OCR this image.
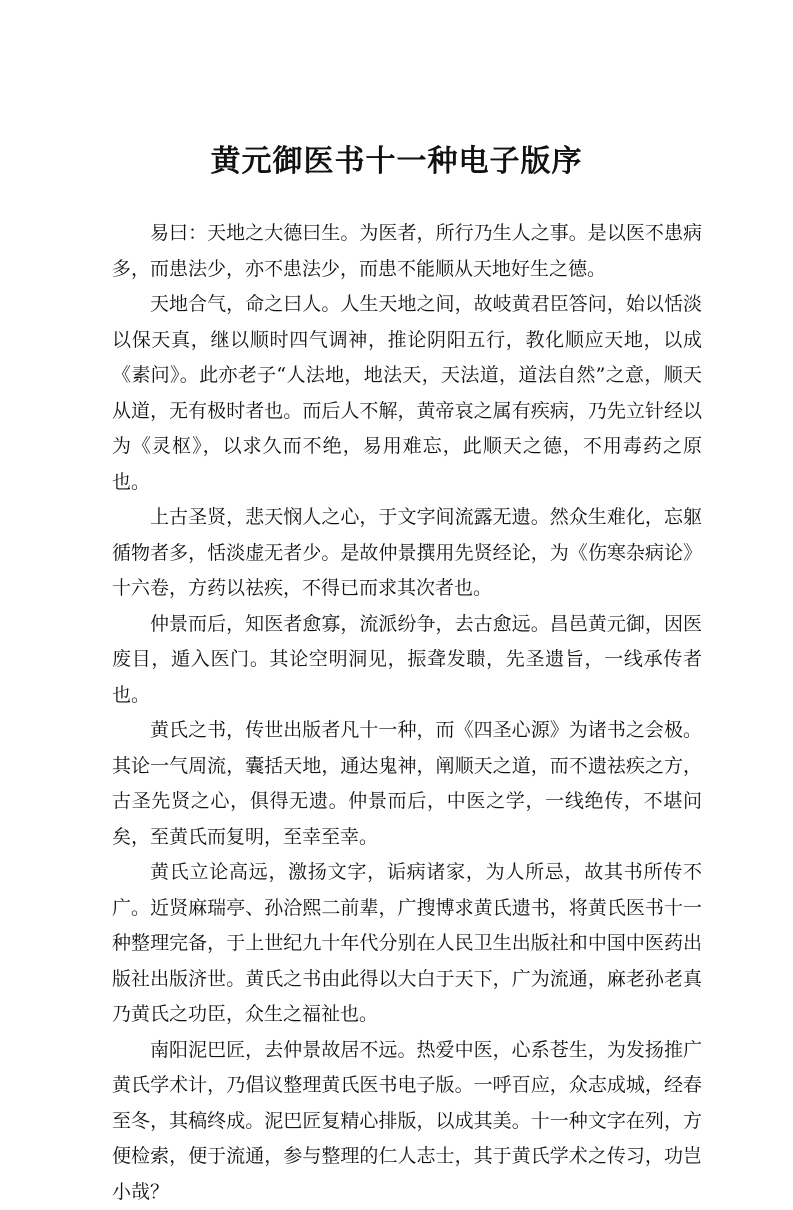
黄元御医书十一种电子版序

易曰：天地之大德曰生。为医者，所行乃生人之事。是以医不患病多，而患法少，亦不患法少，而患不能顺从天地好生之德。

天地合气，命之曰人。人生天地之间，故岐黄君臣答问，始以恬淡以保天真，继以顺时四气调神，推论阴阳五行，教化顺应天地，以成《素问》。此亦老子“人法地，地法天，天法道，道法自然”之意，顺天从道，无有极时者也。而后人不解，黄帝哀之属有疾病，乃先立针经以为《灵枢》，以求久而不绝，易用难忘，此顺天之德，不用毒药之原也。

上古圣贤，悲天悯人之心，于文字间流露无遗。然众生难化，忘躯循物者多，恬淡虚无者少。是故仲景撰用先贤经论，为《伤寒杂病论》十六卷，方药以祛疾，不得已而求其次者也。

仲景而后，知医者愈寡，流派纷争，去古愈远。昌邑黄元御，因医废目，遁入医门。其论空明洞见，振聋发聩，先圣遗旨，一线承传者也。

黄氏之书，传世出版者凡十一种，而《四圣心源》为诸书之会极。其论一气周流，囊括天地，通达鬼神，阐顺天之道，而不遗祛疾之方，古圣先贤之心，俱得无遗。仲景而后，中医之学，一线绝传，不堪问矣，至黄氏而复明，至幸至幸。

黄氏立论高远，激扬文字，诟病诸家，为人所忌，故其书所传不广。近贤麻瑞亭、孙洽熙二前辈，广搜博求黄氏遗书，将黄氏医书十一种整理完备，于上世纪九十年代分别在人民卫生出版社和中国中医药出版社出版济世。黄氏之书由此得以大白于天下，广为流通，麻老孙老真乃黄氏之功臣，众生之福祉也。

南阳泥巴匠，去仲景故居不远。热爱中医，心系苍生，为发扬推广黄氏学术计，乃倡议整理黄氏医书电子版。一呼百应，众志成城，经春至冬，其稿终成。泥巴匠复精心排版，以成其美。十一种文字在列，方便检索，便于流通，参与整理的仁人志士，其于黄氏学术之传习，功岂小哉？
